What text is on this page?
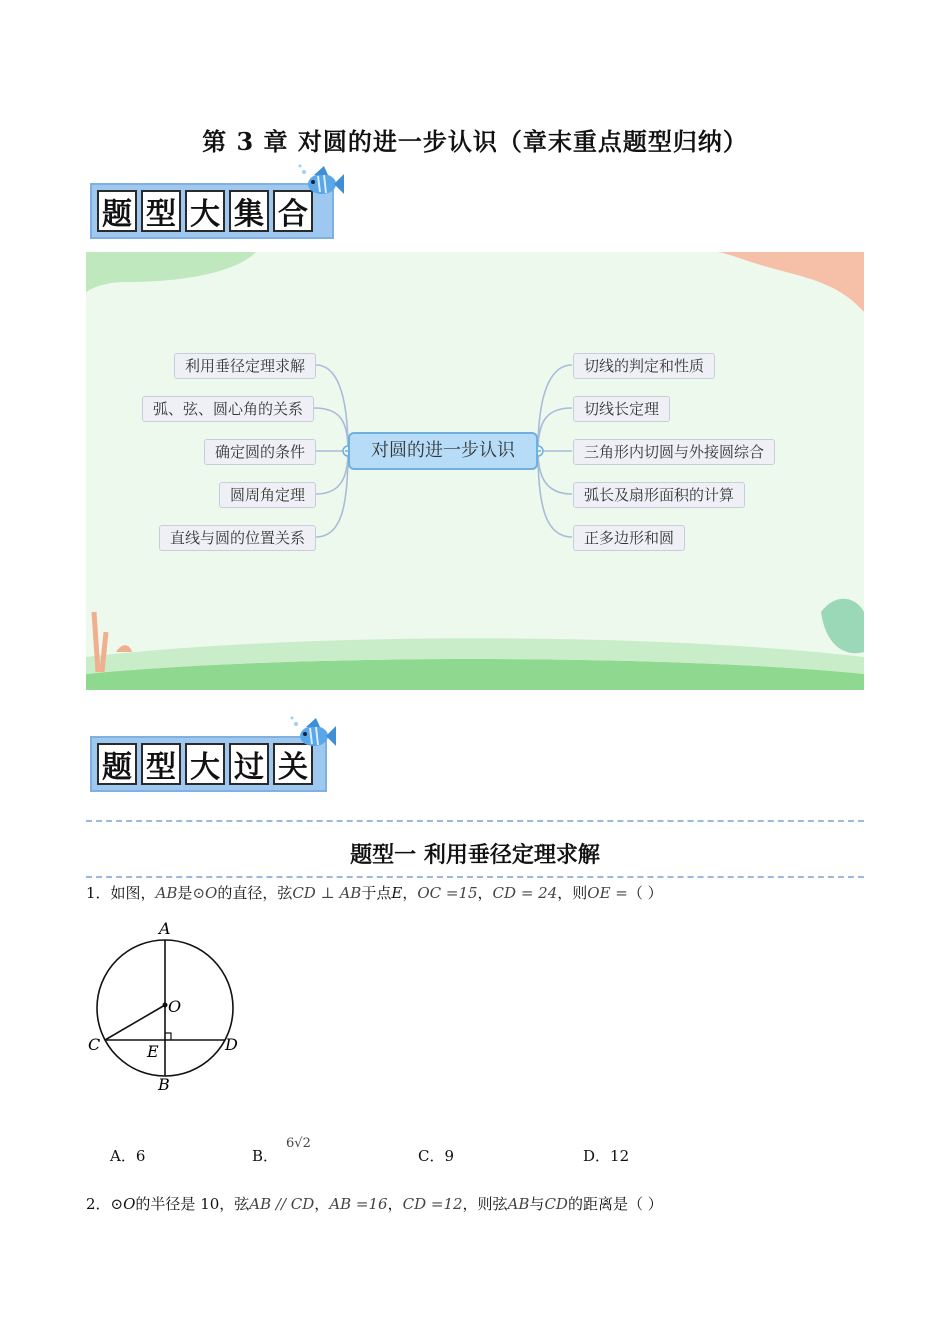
第 3 章 对圆的进一步认识（章末重点题型归纳）
题 型 大 集 合
对圆的进一步认识
利用垂径定理求解
弧、弦、圆心角的关系
确定圆的条件
圆周角定理
直线与圆的位置关系
切线的判定和性质
切线长定理
三角形内切圆与外接圆综合
弧长及扇形面积的计算
正多边形和圆
题 型 大 过 关
题型一 利用垂径定理求解
1．如图，AB是⊙O的直径，弦CD ⊥ AB于点E，OC =15，CD = 24，则OE =（ ）
A
O
C	E	D
B
A．6	B．6√2
C．9	D．12
2．⊙O的半径是 10，弦AB // CD，AB =16，CD =12，则弦AB与CD的距离是（ ）
